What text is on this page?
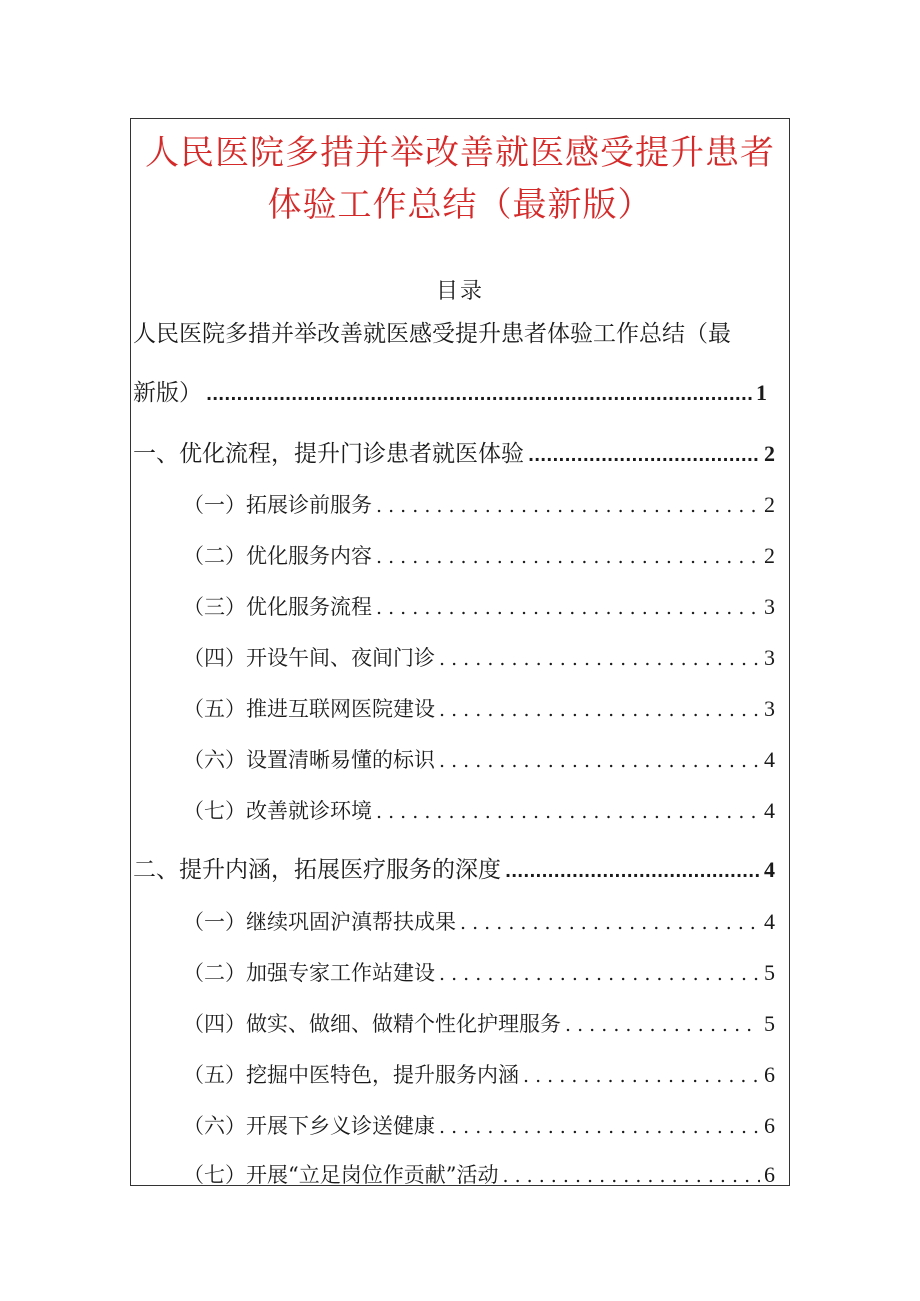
人民医院多措并举改善就医感受提升患者体验工作总结（最新版）
目录
人民医院多措并举改善就医感受提升患者体验工作总结（最
新版） .....	1
一、优化流程，提升门诊患者就医体验 .....	2
（一）拓展诊前服务 . . .	2
（二）优化服务内容 . . .	2
（三）优化服务流程 . . .	3
（四）开设午间、夜间门诊 . . .	3
（五）推进互联网医院建设 . . .	3
（六）设置清晰易懂的标识 . . .	4
（七）改善就诊环境 . . .	4
二、提升内涵，拓展医疗服务的深度 .....	4
（一）继续巩固沪滇帮扶成果 . . .	4
（二）加强专家工作站建设 . . .	5
（四）做实、做细、做精个性化护理服务 . . .	5
（五）挖掘中医特色，提升服务内涵 . . .	6
（六）开展下乡义诊送健康 . . .	6
（七）开展“立足岗位作贡献”活动 . . .	6
